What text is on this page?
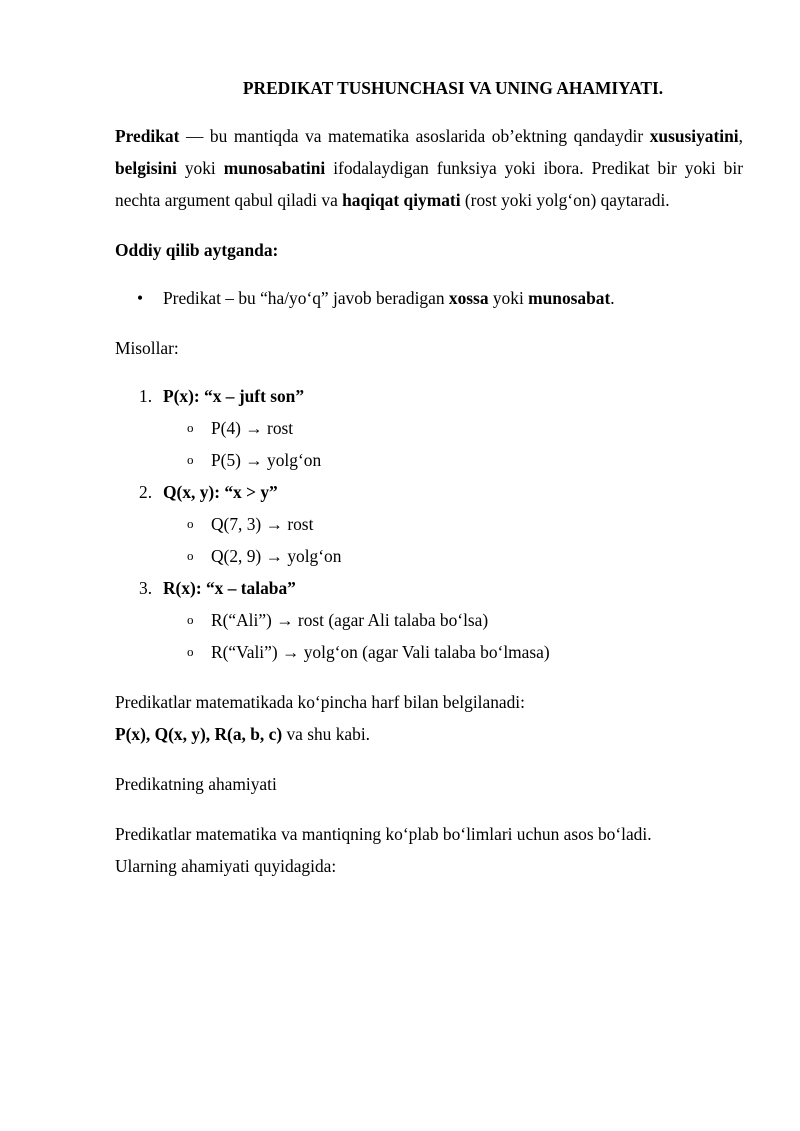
PREDIKAT TUSHUNCHASI VA UNING AHAMIYATI.

Predikat — bu mantiqda va matematika asoslarida ob’ektning qandaydir xususiyatini, belgisini yoki munosabatini ifodalaydigan funksiya yoki ibora. Predikat bir yoki bir nechta argument qabul qiladi va haqiqat qiymati (rost yoki yolg‘on) qaytaradi.

Oddiy qilib aytganda:

• Predikat – bu “ha/yo‘q” javob beradigan xossa yoki munosabat.

Misollar:

1. P(x): “x – juft son”
o P(4) → rost
o P(5) → yolg‘on
2. Q(x, y): “x > y”
o Q(7, 3) → rost
o Q(2, 9) → yolg‘on
3. R(x): “x – talaba”
o R(“Ali”) → rost (agar Ali talaba bo‘lsa)
o R(“Vali”) → yolg‘on (agar Vali talaba bo‘lmasa)

Predikatlar matematikada ko‘pincha harf bilan belgilanadi:

P(x), Q(x, y), R(a, b, c) va shu kabi.

Predikatning ahamiyati

Predikatlar matematika va mantiqning ko‘plab bo‘limlari uchun asos bo‘ladi.

Ularning ahamiyati quyidagida:
